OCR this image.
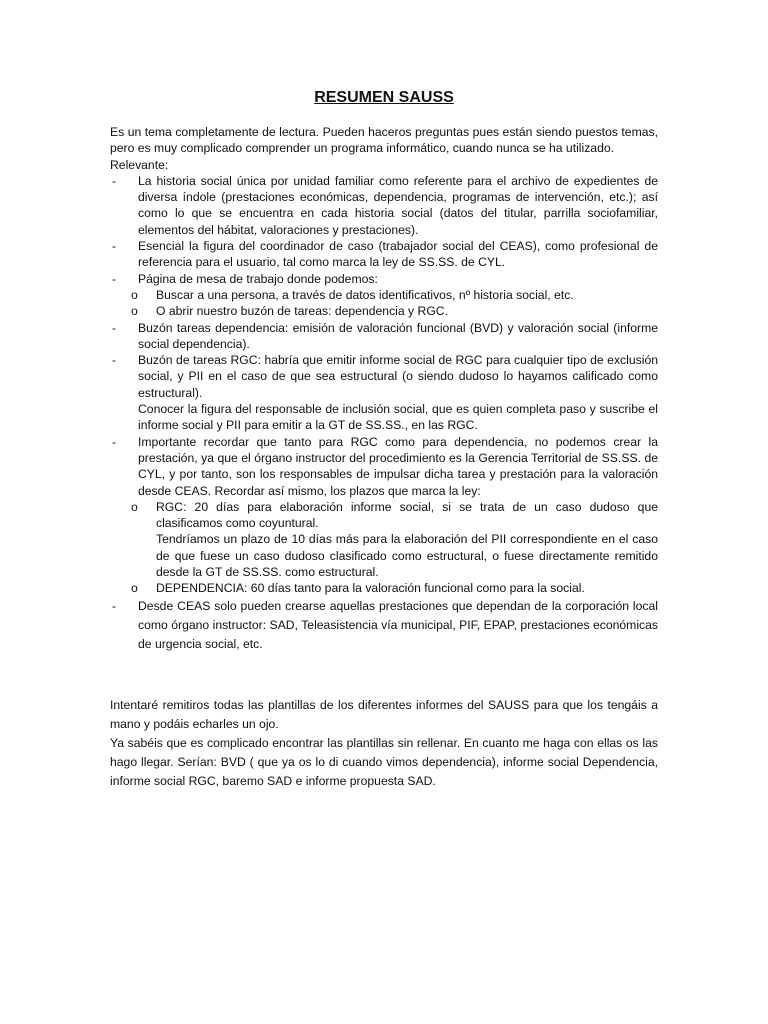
RESUMEN SAUSS

Es un tema completamente de lectura. Pueden haceros preguntas pues están siendo puestos temas, pero es muy complicado comprender un programa informático, cuando nunca se ha utilizado.

Relevante:

- La historia social única por unidad familiar como referente para el archivo de expedientes de diversa índole (prestaciones económicas, dependencia, programas de intervención, etc.); así como lo que se encuentra en cada historia social (datos del titular, parrilla sociofamiliar, elementos del hábitat, valoraciones y prestaciones).
- Esencial la figura del coordinador de caso (trabajador social del CEAS), como profesional de referencia para el usuario, tal como marca la ley de SS.SS. de CYL.
- Página de mesa de trabajo donde podemos:
o Buscar a una persona, a través de datos identificativos, nº historia social, etc.
o O abrir nuestro buzón de tareas: dependencia y RGC.
- Buzón tareas dependencia: emisión de valoración funcional (BVD) y valoración social (informe social dependencia).
- Buzón de tareas RGC: habría que emitir informe social de RGC para cualquier tipo de exclusión social, y PII en el caso de que sea estructural (o siendo dudoso lo hayamos calificado como estructural).
Conocer la figura del responsable de inclusión social, que es quien completa paso y suscribe el informe social y PII para emitir a la GT de SS.SS., en las RGC.
- Importante recordar que tanto para RGC como para dependencia, no podemos crear la prestación, ya que el órgano instructor del procedimiento es la Gerencia Territorial de SS.SS. de CYL, y por tanto, son los responsables de impulsar dicha tarea y prestación para la valoración desde CEAS. Recordar así mismo, los plazos que marca la ley:
o RGC: 20 días para elaboración informe social, si se trata de un caso dudoso que clasificamos como coyuntural.
Tendríamos un plazo de 10 días más para la elaboración del PII correspondiente en el caso de que fuese un caso dudoso clasificado como estructural, o fuese directamente remitido desde la GT de SS.SS. como estructural.
o DEPENDENCIA: 60 días tanto para la valoración funcional como para la social.
- Desde CEAS solo pueden crearse aquellas prestaciones que dependan de la corporación local como órgano instructor: SAD, Teleasistencia vía municipal, PIF, EPAP, prestaciones económicas de urgencia social, etc.

Intentaré remitiros todas las plantillas de los diferentes informes del SAUSS para que los tengáis a mano y podáis echarles un ojo.

Ya sabéis que es complicado encontrar las plantillas sin rellenar. En cuanto me haga con ellas os las hago llegar. Serían: BVD ( que ya os lo di cuando vimos dependencia), informe social Dependencia, informe social RGC, baremo SAD e informe propuesta SAD.
